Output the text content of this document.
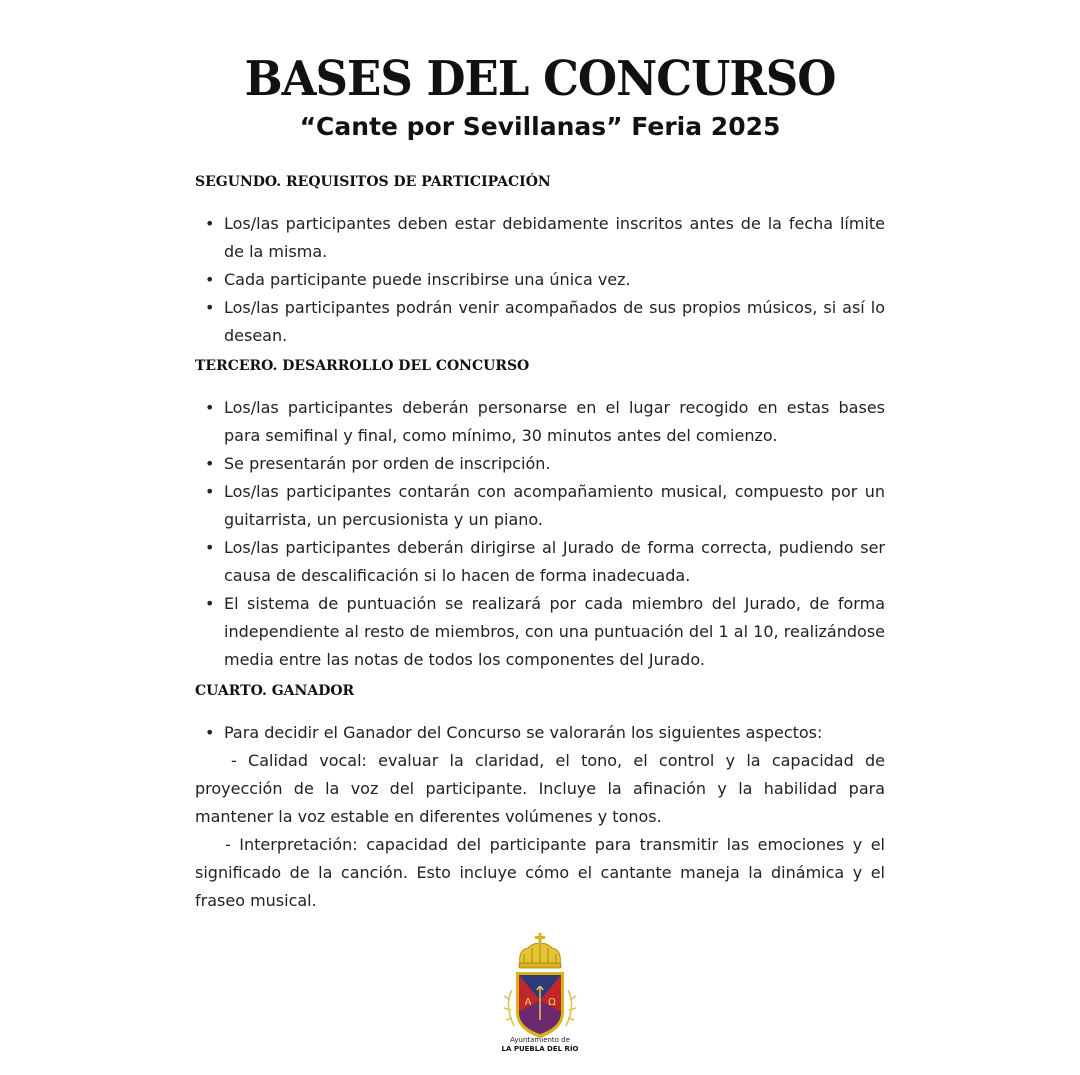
BASES DEL CONCURSO
“Cante por Sevillanas” Feria 2025
SEGUNDO. REQUISITOS DE PARTICIPACIÓN
• Los/las participantes deben estar debidamente inscritos antes de la fecha límite de la misma.
• Cada participante puede inscribirse una única vez.
• Los/las participantes podrán venir acompañados de sus propios músicos, si así lo desean.
TERCERO. DESARROLLO DEL CONCURSO
• Los/las participantes deberán personarse en el lugar recogido en estas bases para semifinal y final, como mínimo, 30 minutos antes del comienzo.
• Se presentarán por orden de inscripción.
• Los/las participantes contarán con acompañamiento musical, compuesto por un guitarrista, un percusionista y un piano.
• Los/las participantes deberán dirigirse al Jurado de forma correcta, pudiendo ser causa de descalificación si lo hacen de forma inadecuada.
• El sistema de puntuación se realizará por cada miembro del Jurado, de forma independiente al resto de miembros, con una puntuación del 1 al 10, realizándose media entre las notas de todos los componentes del Jurado.
CUARTO. GANADOR
• Para decidir el Ganador del Concurso se valorarán los siguientes aspectos:

- Calidad vocal: evaluar la claridad, el tono, el control y la capacidad de proyección de la voz del participante. Incluye la afinación y la habilidad para mantener la voz estable en diferentes volúmenes y tonos.

- Interpretación: capacidad del participante para transmitir las emociones y el significado de la canción. Esto incluye cómo el cantante maneja la dinámica y el fraseo musical.

A Ω
Ayuntamiento de
LA PUEBLA DEL RÍO
